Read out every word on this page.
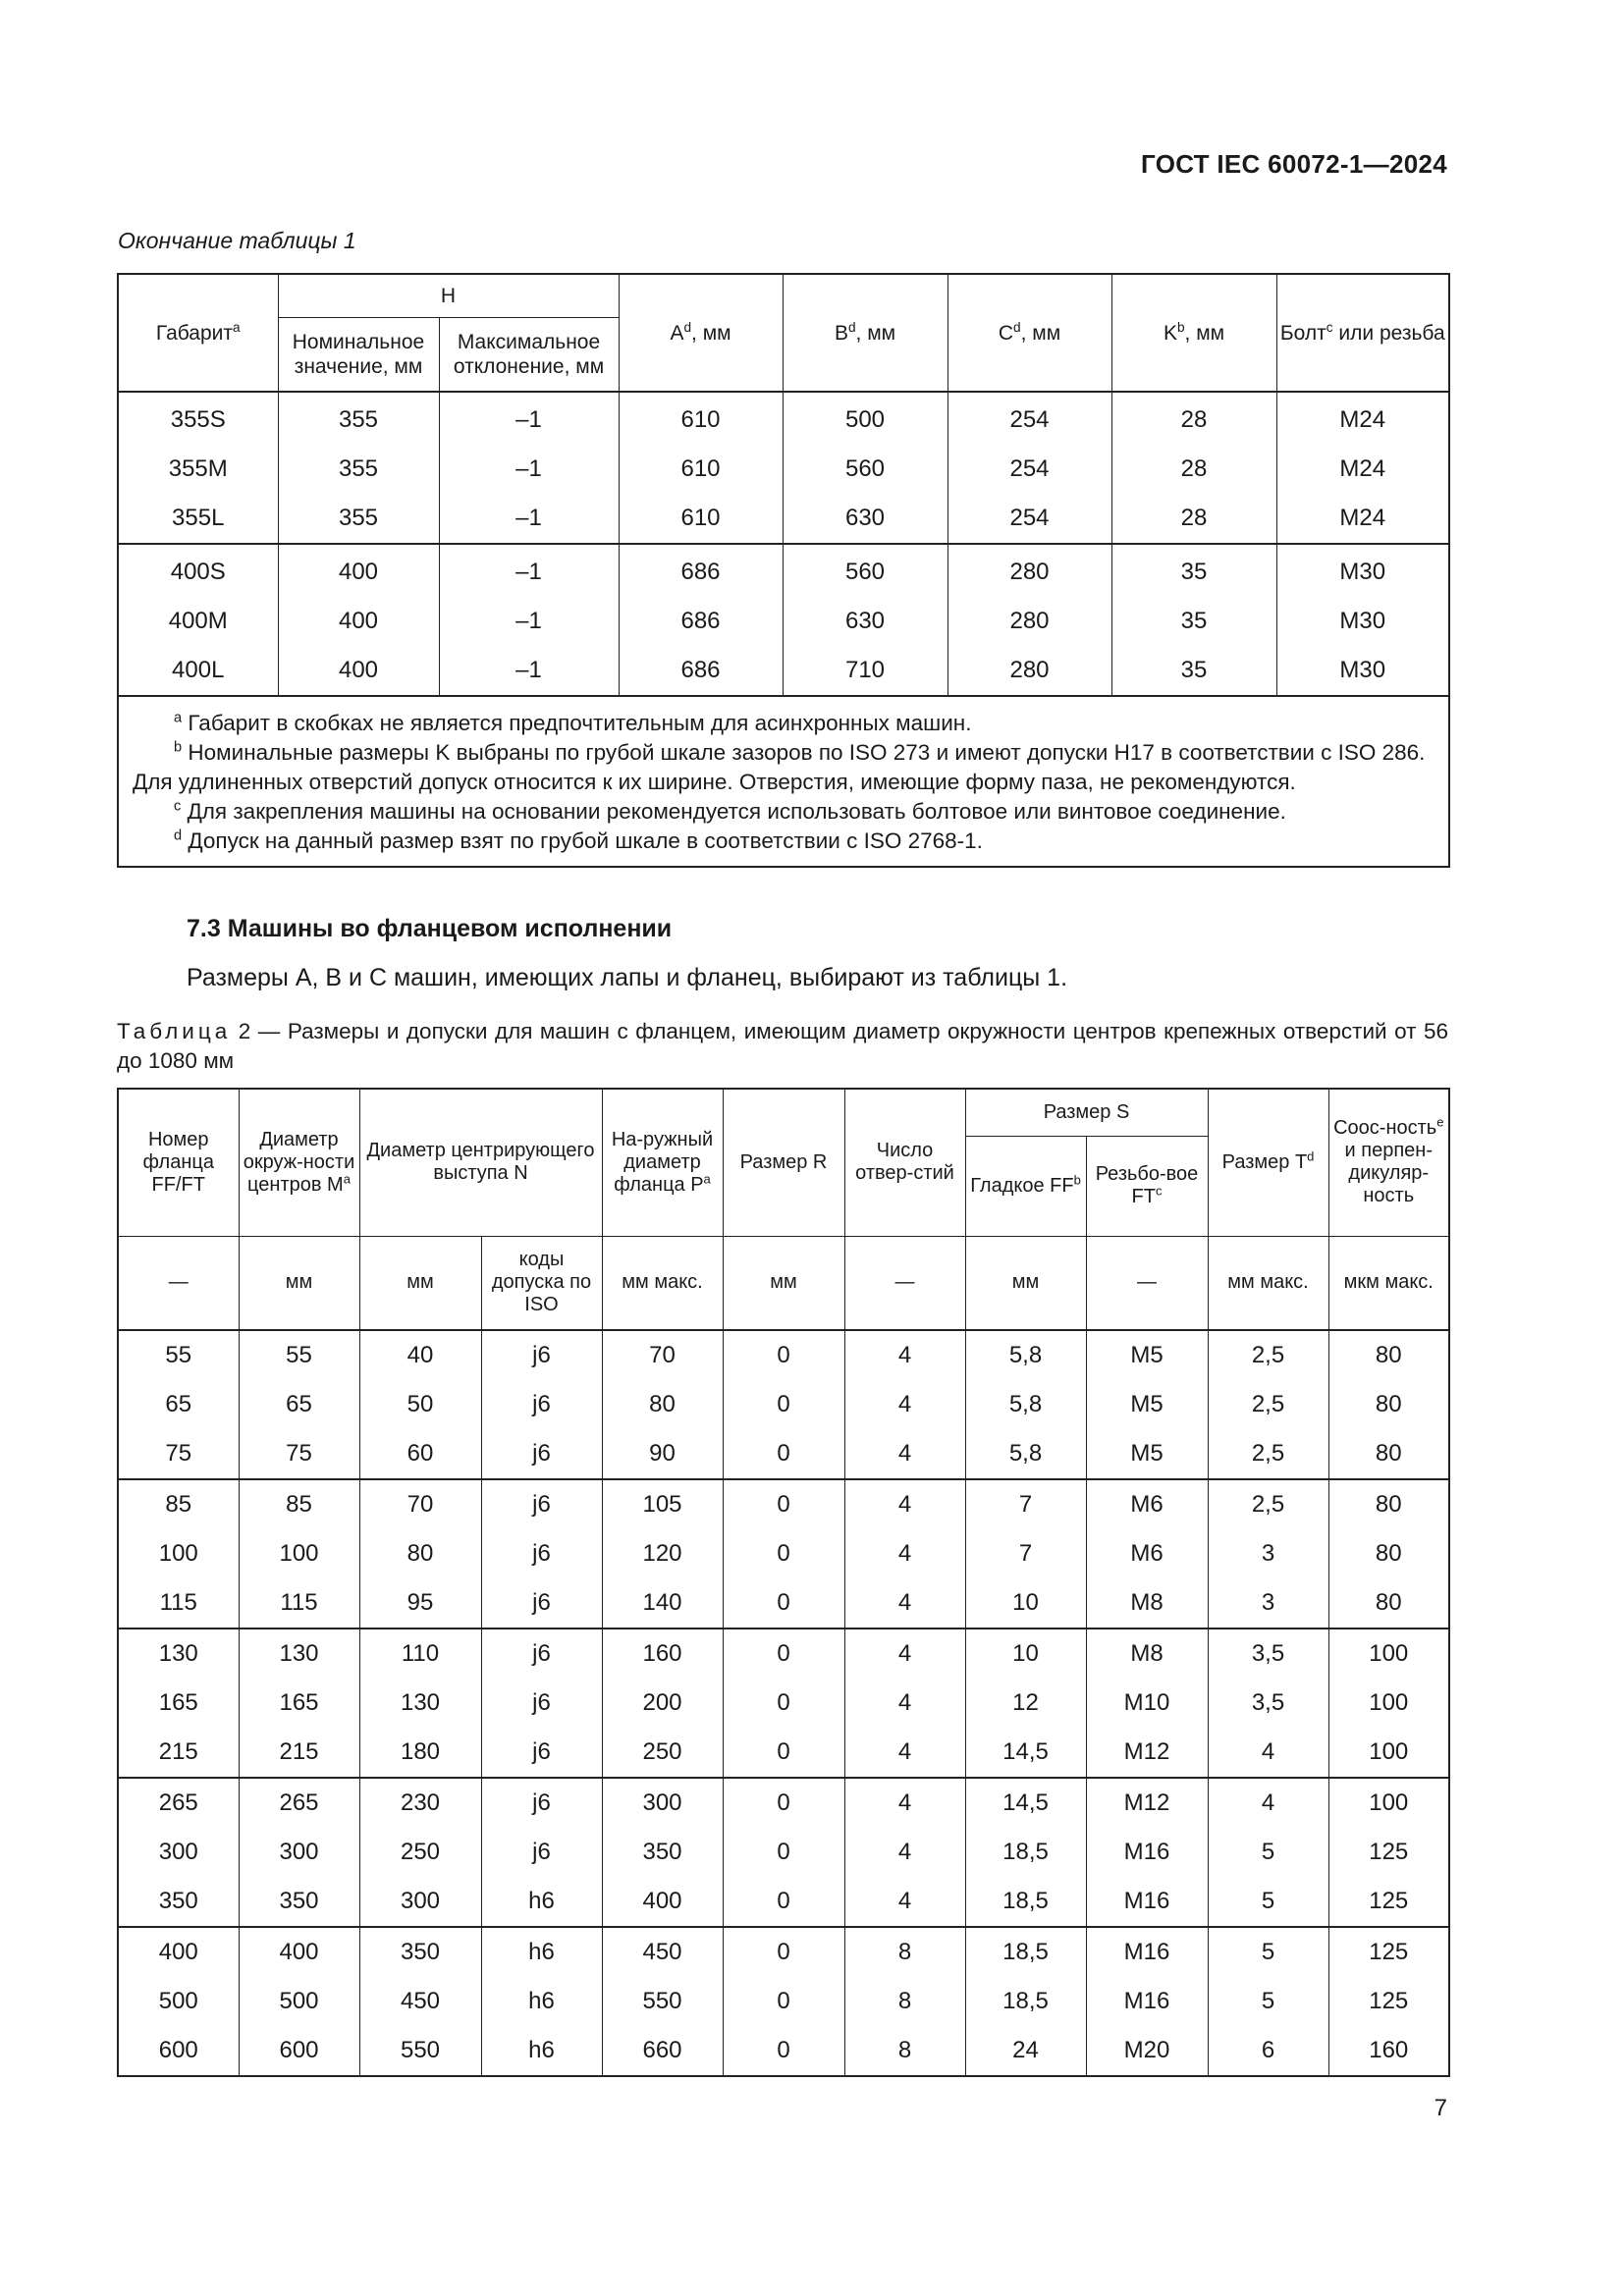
ГОСТ IEC 60072-1—2024
Окончание таблицы 1
Габарит$^a$	H		$A^d$, мм	$B^d$, мм	$C^d$, мм	$K^b$, мм	Болт$^c$ или резьба
	Номинальное значение, мм	Максимальное отклонение, мм					
355S	355	–1	610	500	254	28	M24
355M	355	–1	610	560	254	28	M24
355L	355	–1	610	630	254	28	M24
400S	400	–1	686	560	280	35	M30
400M	400	–1	686	630	280	35	M30
400L	400	–1	686	710	280	35	M30

$^a$ Габарит в скобках не является предпочтительным для асинхронных машин.

$^b$ Номинальные размеры K выбраны по грубой шкале зазоров по ISO 273 и имеют допуски H17 в соответствии с ISO 286. Для удлиненных отверстий допуск относится к их ширине. Отверстия, имеющие форму паза, не рекомендуются.

$^c$ Для закрепления машины на основании рекомендуется использовать болтовое или винтовое соединение.

$^d$ Допуск на данный размер взят по грубой шкале в соответствии с ISO 2768-1.							

7.3 Машины во фланцевом исполнении
Размеры A, B и C машин, имеющих лапы и фланец, выбирают из таблицы 1.
Таблица 2 — Размеры и допуски для машин с фланцем, имеющим диаметр окружности центров крепежных отверстий от 56 до 1080 мм
Номер фланца FF/FT	Диаметр окруж-ности центров $M^a$	Диаметр центрирующего выступа N		На-ружный диаметр фланца $P^a$	Размер R	Число отвер-стий	Размер S		Размер $T^d$	Соос-ность$^e$ и перпен-дикуляр-ность
							Гладкое $FF^b$	Резьбо-вое $FT^c$
—	мм	мм	коды допуска по ISO	мм макс.	мм	—	мм	—	мм макс.	мкм макс.
55	55	40	j6	70	0	4	5,8	M5	2,5	80
65	65	50	j6	80	0	4	5,8	M5	2,5	80
75	75	60	j6	90	0	4	5,8	M5	2,5	80
85	85	70	j6	105	0	4	7	M6	2,5	80
100	100	80	j6	120	0	4	7	M6	3	80
115	115	95	j6	140	0	4	10	M8	3	80
130	130	110	j6	160	0	4	10	M8	3,5	100
165	165	130	j6	200	0	4	12	M10	3,5	100
215	215	180	j6	250	0	4	14,5	M12	4	100
265	265	230	j6	300	0	4	14,5	M12	4	100
300	300	250	j6	350	0	4	18,5	M16	5	125
350	350	300	h6	400	0	4	18,5	M16	5	125
400	400	350	h6	450	0	8	18,5	M16	5	125
500	500	450	h6	550	0	8	18,5	M16	5	125
600	600	550	h6	660	0	8	24	M20	6	160
7
